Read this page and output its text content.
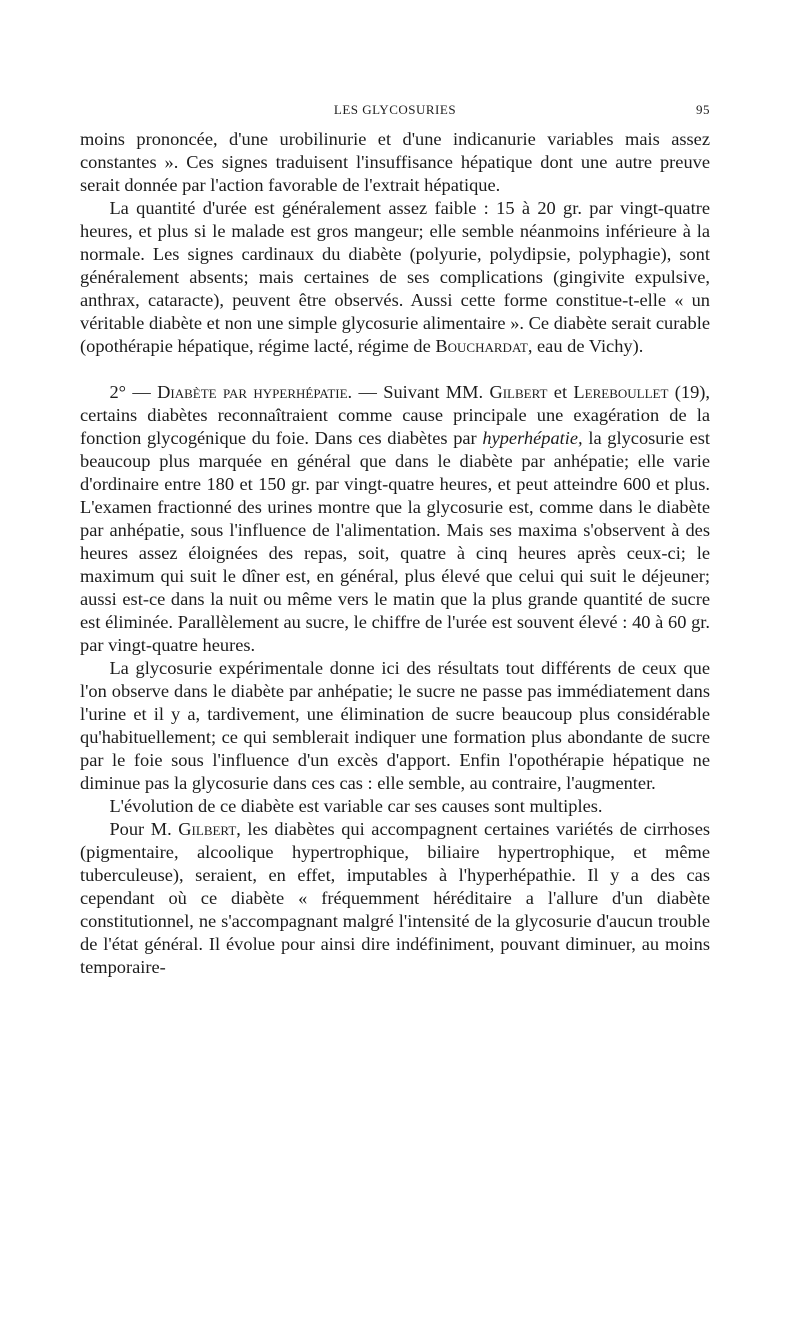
LES GLYCOSURIES	95

moins prononcée, d'une urobilinurie et d'une indicanurie variables mais assez constantes ». Ces signes traduisent l'insuffisance hépatique dont une autre preuve serait donnée par l'action favorable de l'extrait hépatique.

La quantité d'urée est généralement assez faible : 15 à 20 gr. par vingt-quatre heures, et plus si le malade est gros mangeur; elle semble néanmoins inférieure à la normale. Les signes cardinaux du diabète (polyurie, polydipsie, polyphagie), sont généralement absents; mais certaines de ses complications (gingivite expulsive, anthrax, cataracte), peuvent être observés. Aussi cette forme constitue-t-elle « un véritable diabète et non une simple glycosurie alimentaire ». Ce diabète serait curable (opothérapie hépatique, régime lacté, régime de Bouchardat, eau de Vichy).

2° — Diabète par hyperhépatie. — Suivant MM. Gilbert et Lereboullet (19), certains diabètes reconnaîtraient comme cause principale une exagération de la fonction glycogénique du foie. Dans ces diabètes par hyperhépatie, la glycosurie est beaucoup plus marquée en général que dans le diabète par anhépatie; elle varie d'ordinaire entre 180 et 150 gr. par vingt-quatre heures, et peut atteindre 600 et plus. L'examen fractionné des urines montre que la glycosurie est, comme dans le diabète par anhépatie, sous l'influence de l'alimentation. Mais ses maxima s'observent à des heures assez éloignées des repas, soit, quatre à cinq heures après ceux-ci; le maximum qui suit le dîner est, en général, plus élevé que celui qui suit le déjeuner; aussi est-ce dans la nuit ou même vers le matin que la plus grande quantité de sucre est éliminée. Parallèlement au sucre, le chiffre de l'urée est souvent élevé : 40 à 60 gr. par vingt-quatre heures.

La glycosurie expérimentale donne ici des résultats tout différents de ceux que l'on observe dans le diabète par anhépatie; le sucre ne passe pas immédiatement dans l'urine et il y a, tardivement, une élimination de sucre beaucoup plus considérable qu'habituellement; ce qui semblerait indiquer une formation plus abondante de sucre par le foie sous l'influence d'un excès d'apport. Enfin l'opothérapie hépatique ne diminue pas la glycosurie dans ces cas : elle semble, au contraire, l'augmenter.

L'évolution de ce diabète est variable car ses causes sont multiples.

Pour M. Gilbert, les diabètes qui accompagnent certaines variétés de cirrhoses (pigmentaire, alcoolique hypertrophique, biliaire hypertrophique, et même tuberculeuse), seraient, en effet, imputables à l'hyperhépathie. Il y a des cas cependant où ce diabète « fréquemment héréditaire a l'allure d'un diabète constitutionnel, ne s'accompagnant malgré l'intensité de la glycosurie d'aucun trouble de l'état général. Il évolue pour ainsi dire indéfiniment, pouvant diminuer, au moins temporaire-
